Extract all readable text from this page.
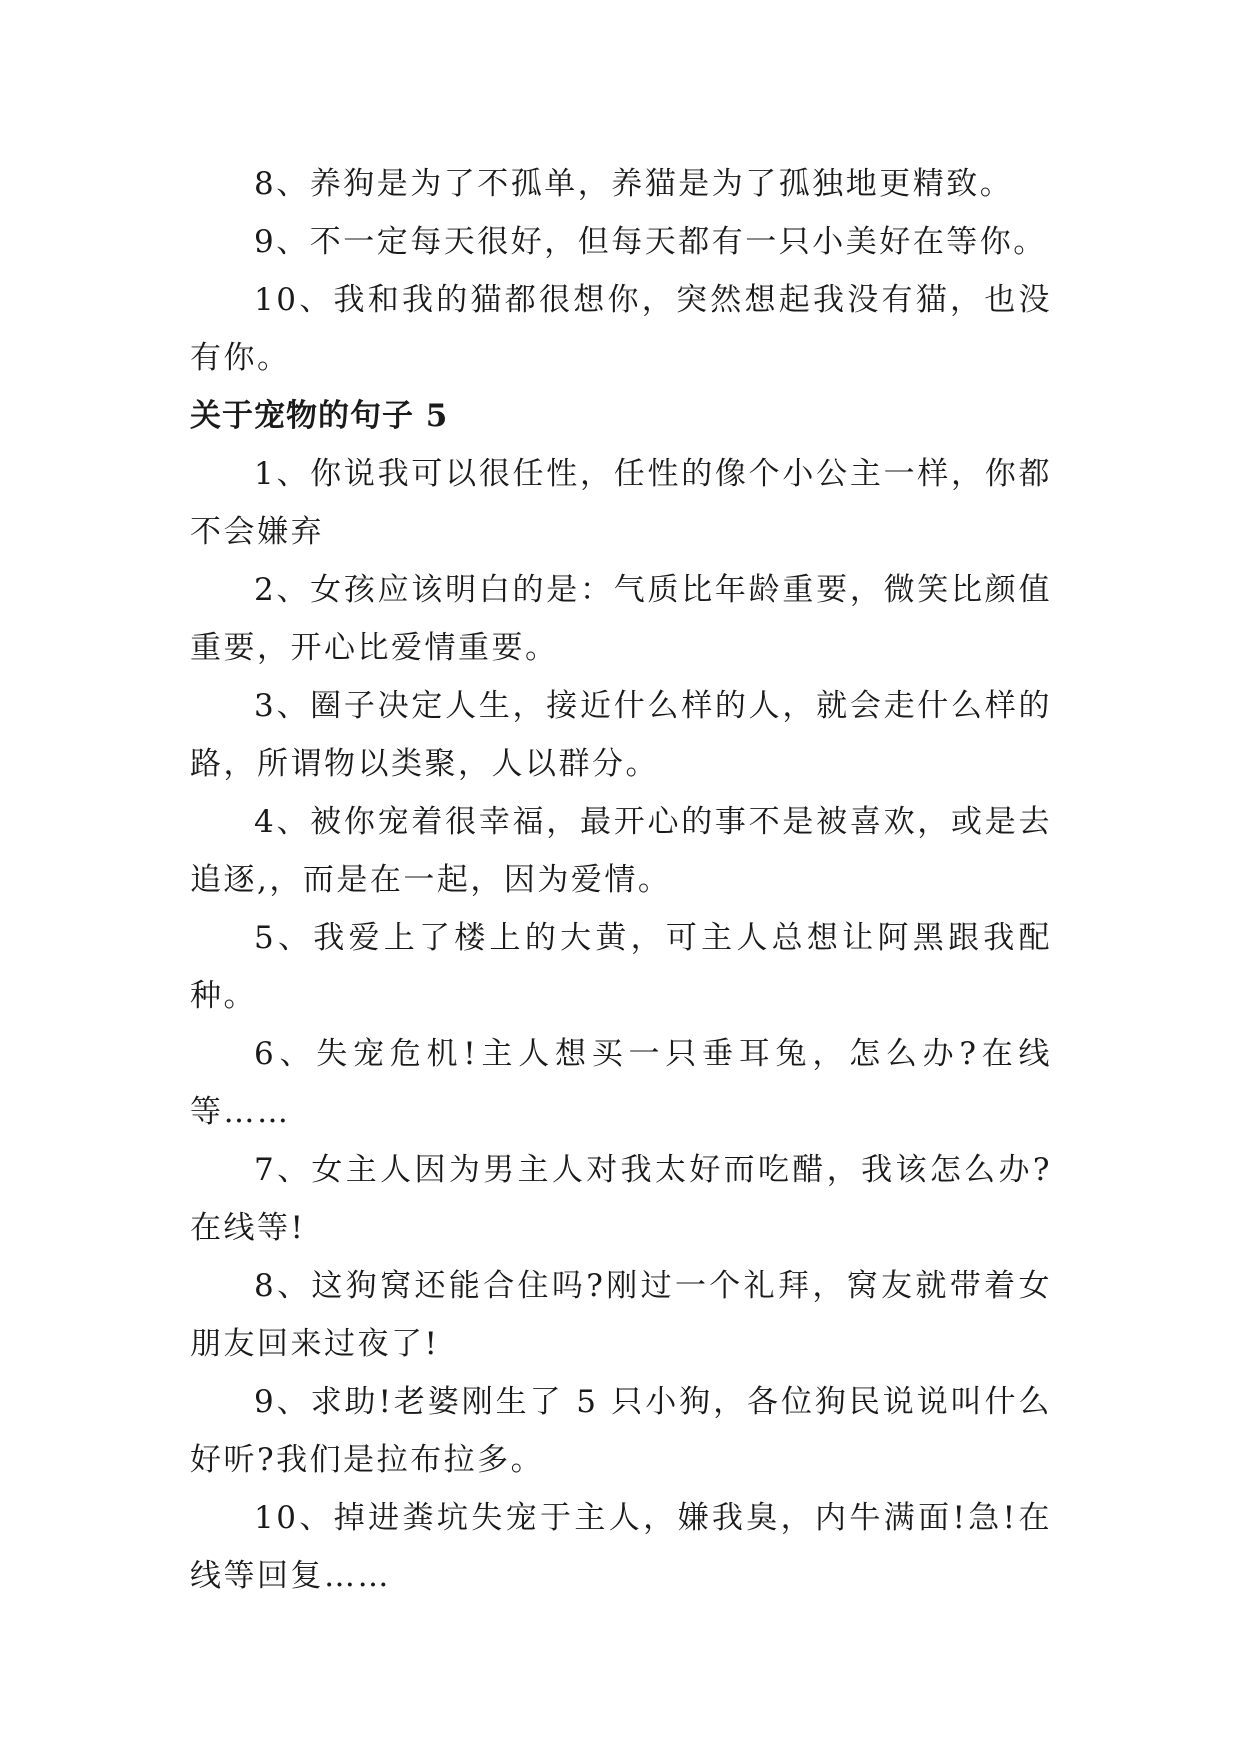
8、养狗是为了不孤单，养猫是为了孤独地更精致。

9、不一定每天很好，但每天都有一只小美好在等你。

10、我和我的猫都很想你，突然想起我没有猫，也没有你。

关于宠物的句子 5

1、你说我可以很任性，任性的像个小公主一样，你都不会嫌弃

2、女孩应该明白的是：气质比年龄重要，微笑比颜值重要，开心比爱情重要。

3、圈子决定人生，接近什么样的人，就会走什么样的路，所谓物以类聚，人以群分。

4、被你宠着很幸福，最开心的事不是被喜欢，或是去追逐,，而是在一起，因为爱情。

5、我爱上了楼上的大黄，可主人总想让阿黑跟我配种。

6、失宠危机!主人想买一只垂耳兔，怎么办?在线等……

7、女主人因为男主人对我太好而吃醋，我该怎么办?在线等!

8、这狗窝还能合住吗?刚过一个礼拜，窝友就带着女朋友回来过夜了!

9、求助!老婆刚生了 5 只小狗，各位狗民说说叫什么好听?我们是拉布拉多。

10、掉进粪坑失宠于主人，嫌我臭，内牛满面!急!在线等回复……
